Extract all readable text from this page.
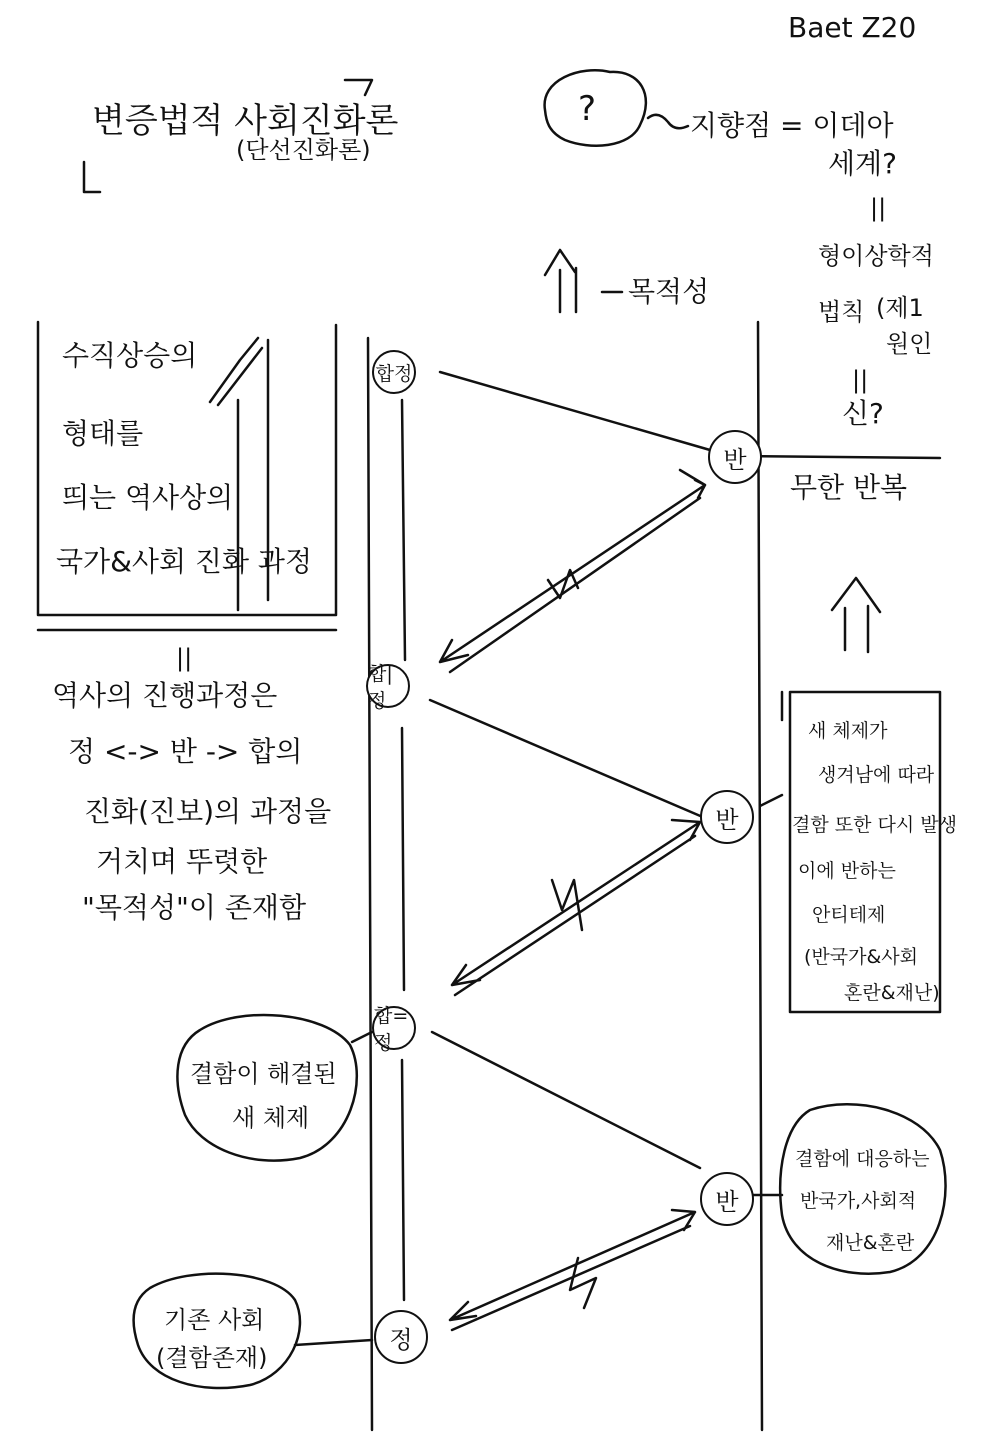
Baet Z20
변증법적 사회진화론
(단선진화론)
?	지향점 = 이데아
세계?
||
목적성
형이상학적
법칙 (제1
원인
||
신?
무한 반복
수직상승의
형태를
띄는 역사상의
국가&사회 진화 과정
||
역사의 진행과정은
정 <-> 반 -> 합의
진화(진보)의 과정을
거치며 뚜렷한
"목적성"이 존재함
새 체제가
생겨남에 따라
결함 또한 다시 발생
이에 반하는
안티테제
(반국가&사회
혼란&재난)
합정
합|정
합=정
정
반
반
반
결함이 해결된
새 체제
기존 사회
(결함존재)
결함에 대응하는
반국가,사회적
재난&혼란
